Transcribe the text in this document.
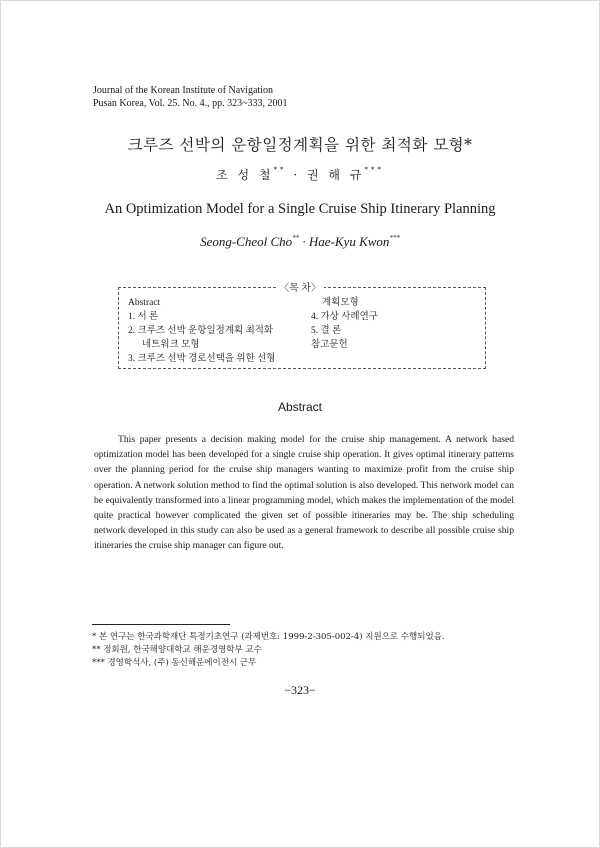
Journal of the Korean Institute of Navigation
Pusan Korea, Vol. 25. No. 4., pp. 323~333, 2001
크루즈 선박의 운항일정계획을 위한 최적화 모형*
조 성 철** · 권 해 규***
An Optimization Model for a Single Cruise Ship Itinerary Planning
Seong-Cheol Cho** · Hae-Kyu Kwon***
〈목 차〉
Abstract
1. 서 론
2. 크루즈 선박 운항일정계획 최적화
네트워크 모형
3. 크루즈 선박 경로선택을 위한 선형
계획모형
4. 가상 사례연구
5. 결 론
참고문헌
Abstract
This paper presents a decision making model for the cruise ship management. A network based optimization model has been developed for a single cruise ship operation. It gives optimal itinerary patterns over the planning period for the cruise ship managers wanting to maximize profit from the cruise ship operation. A network solution method to find the optimal solution is also developed. This network model can be equivalently transformed into a linear programming model, which makes the implementation of the model quite practical however complicated the given set of possible itineraries may be. The ship scheduling network developed in this study can also be used as a general framework to describe all possible cruise ship itineraries the cruise ship manager can figure out.
* 본 연구는 한국과학재단 특정기초연구 (과제번호: 1999-2-305-002-4) 지원으로 수행되었음.
** 정회원, 한국해양대학교 해운경영학부 교수
*** 경영학석사, (주) 동신해운에이전시 근무
−323−
